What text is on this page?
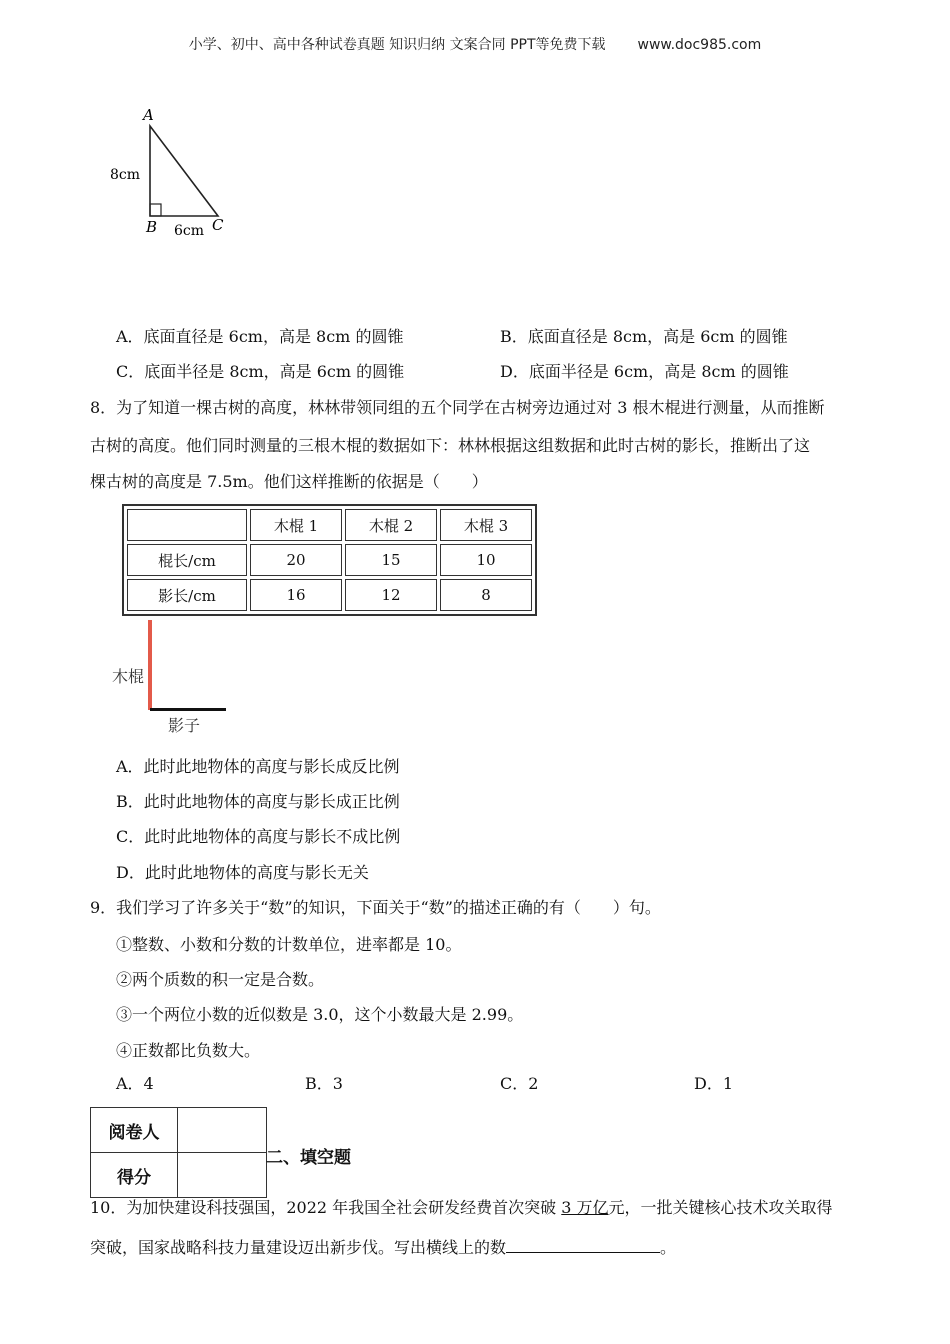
小学、初中、高中各种试卷真题 知识归纳 文案合同 PPT等免费下载 www.doc985.com
A
B	C
8cm
6cm
A．底面直径是 6cm，高是 8cm 的圆锥	B．底面直径是 8cm，高是 6cm 的圆锥
C．底面半径是 8cm，高是 6cm 的圆锥	D．底面半径是 6cm，高是 8cm 的圆锥
8．为了知道一棵古树的高度，林林带领同组的五个同学在古树旁边通过对 3 根木棍进行测量，从而推断
古树的高度。他们同时测量的三根木棍的数据如下：林林根据这组数据和此时古树的影长，推断出了这
棵古树的高度是 7.5m。他们这样推断的依据是（　　）
	木棍 1	木棍 2	木棍 3
棍长/cm	20	15	10
影长/cm	16	12	8
木棍
影子
A．此时此地物体的高度与影长成反比例
B．此时此地物体的高度与影长成正比例
C．此时此地物体的高度与影长不成比例
D．此时此地物体的高度与影长无关
9．我们学习了许多关于“数”的知识，下面关于“数”的描述正确的有（　　）句。
①整数、小数和分数的计数单位，进率都是 10。
②两个质数的积一定是合数。
③一个两位小数的近似数是 3.0，这个小数最大是 2.99。
④正数都比负数大。
A．4	B．3	C．2	D．1
阅卷人	
得分	
二、填空题
10．为加快建设科技强国，2022 年我国全社会研发经费首次突破 3 万亿元，一批关键核心技术攻关取得
突破，国家战略科技力量建设迈出新步伐。写出横线上的数	。
